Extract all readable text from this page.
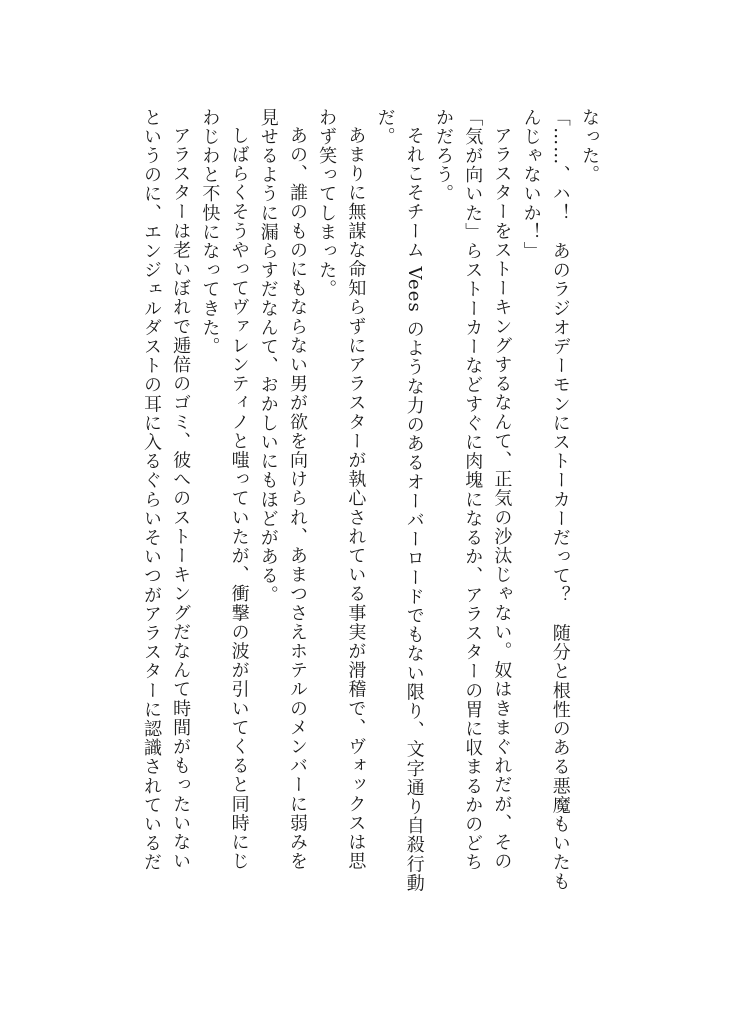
なった。
「……、ハ！　あのラジオデーモンにストーカーだって？　随分と根性のある悪魔もいたも
んじゃないか！」
アラスターをストーキングするなんて、正気の沙汰じゃない。奴はきまぐれだが、その
「気が向いた」らストーカーなどすぐに肉塊になるか、アラスターの胃に収まるかのどち
かだろう。
それこそチーム Vees のような力のあるオーバーロードでもない限り、文字通り自殺行動
だ。
あまりに無謀な命知らずにアラスターが執心されている事実が滑稽で、ヴォックスは思
わず笑ってしまった。
あの、誰のものにもならない男が欲を向けられ、あまつさえホテルのメンバーに弱みを
見せるように漏らすだなんて、おかしいにもほどがある。
しばらくそうやってヴァレンティノと嗤っていたが、衝撃の波が引いてくると同時にじ
わじわと不快になってきた。
アラスターは老いぼれで逓倍のゴミ、彼へのストーキングだなんて時間がもったいない
というのに、エンジェルダストの耳に入るぐらいそいつがアラスターに認識されているだ
